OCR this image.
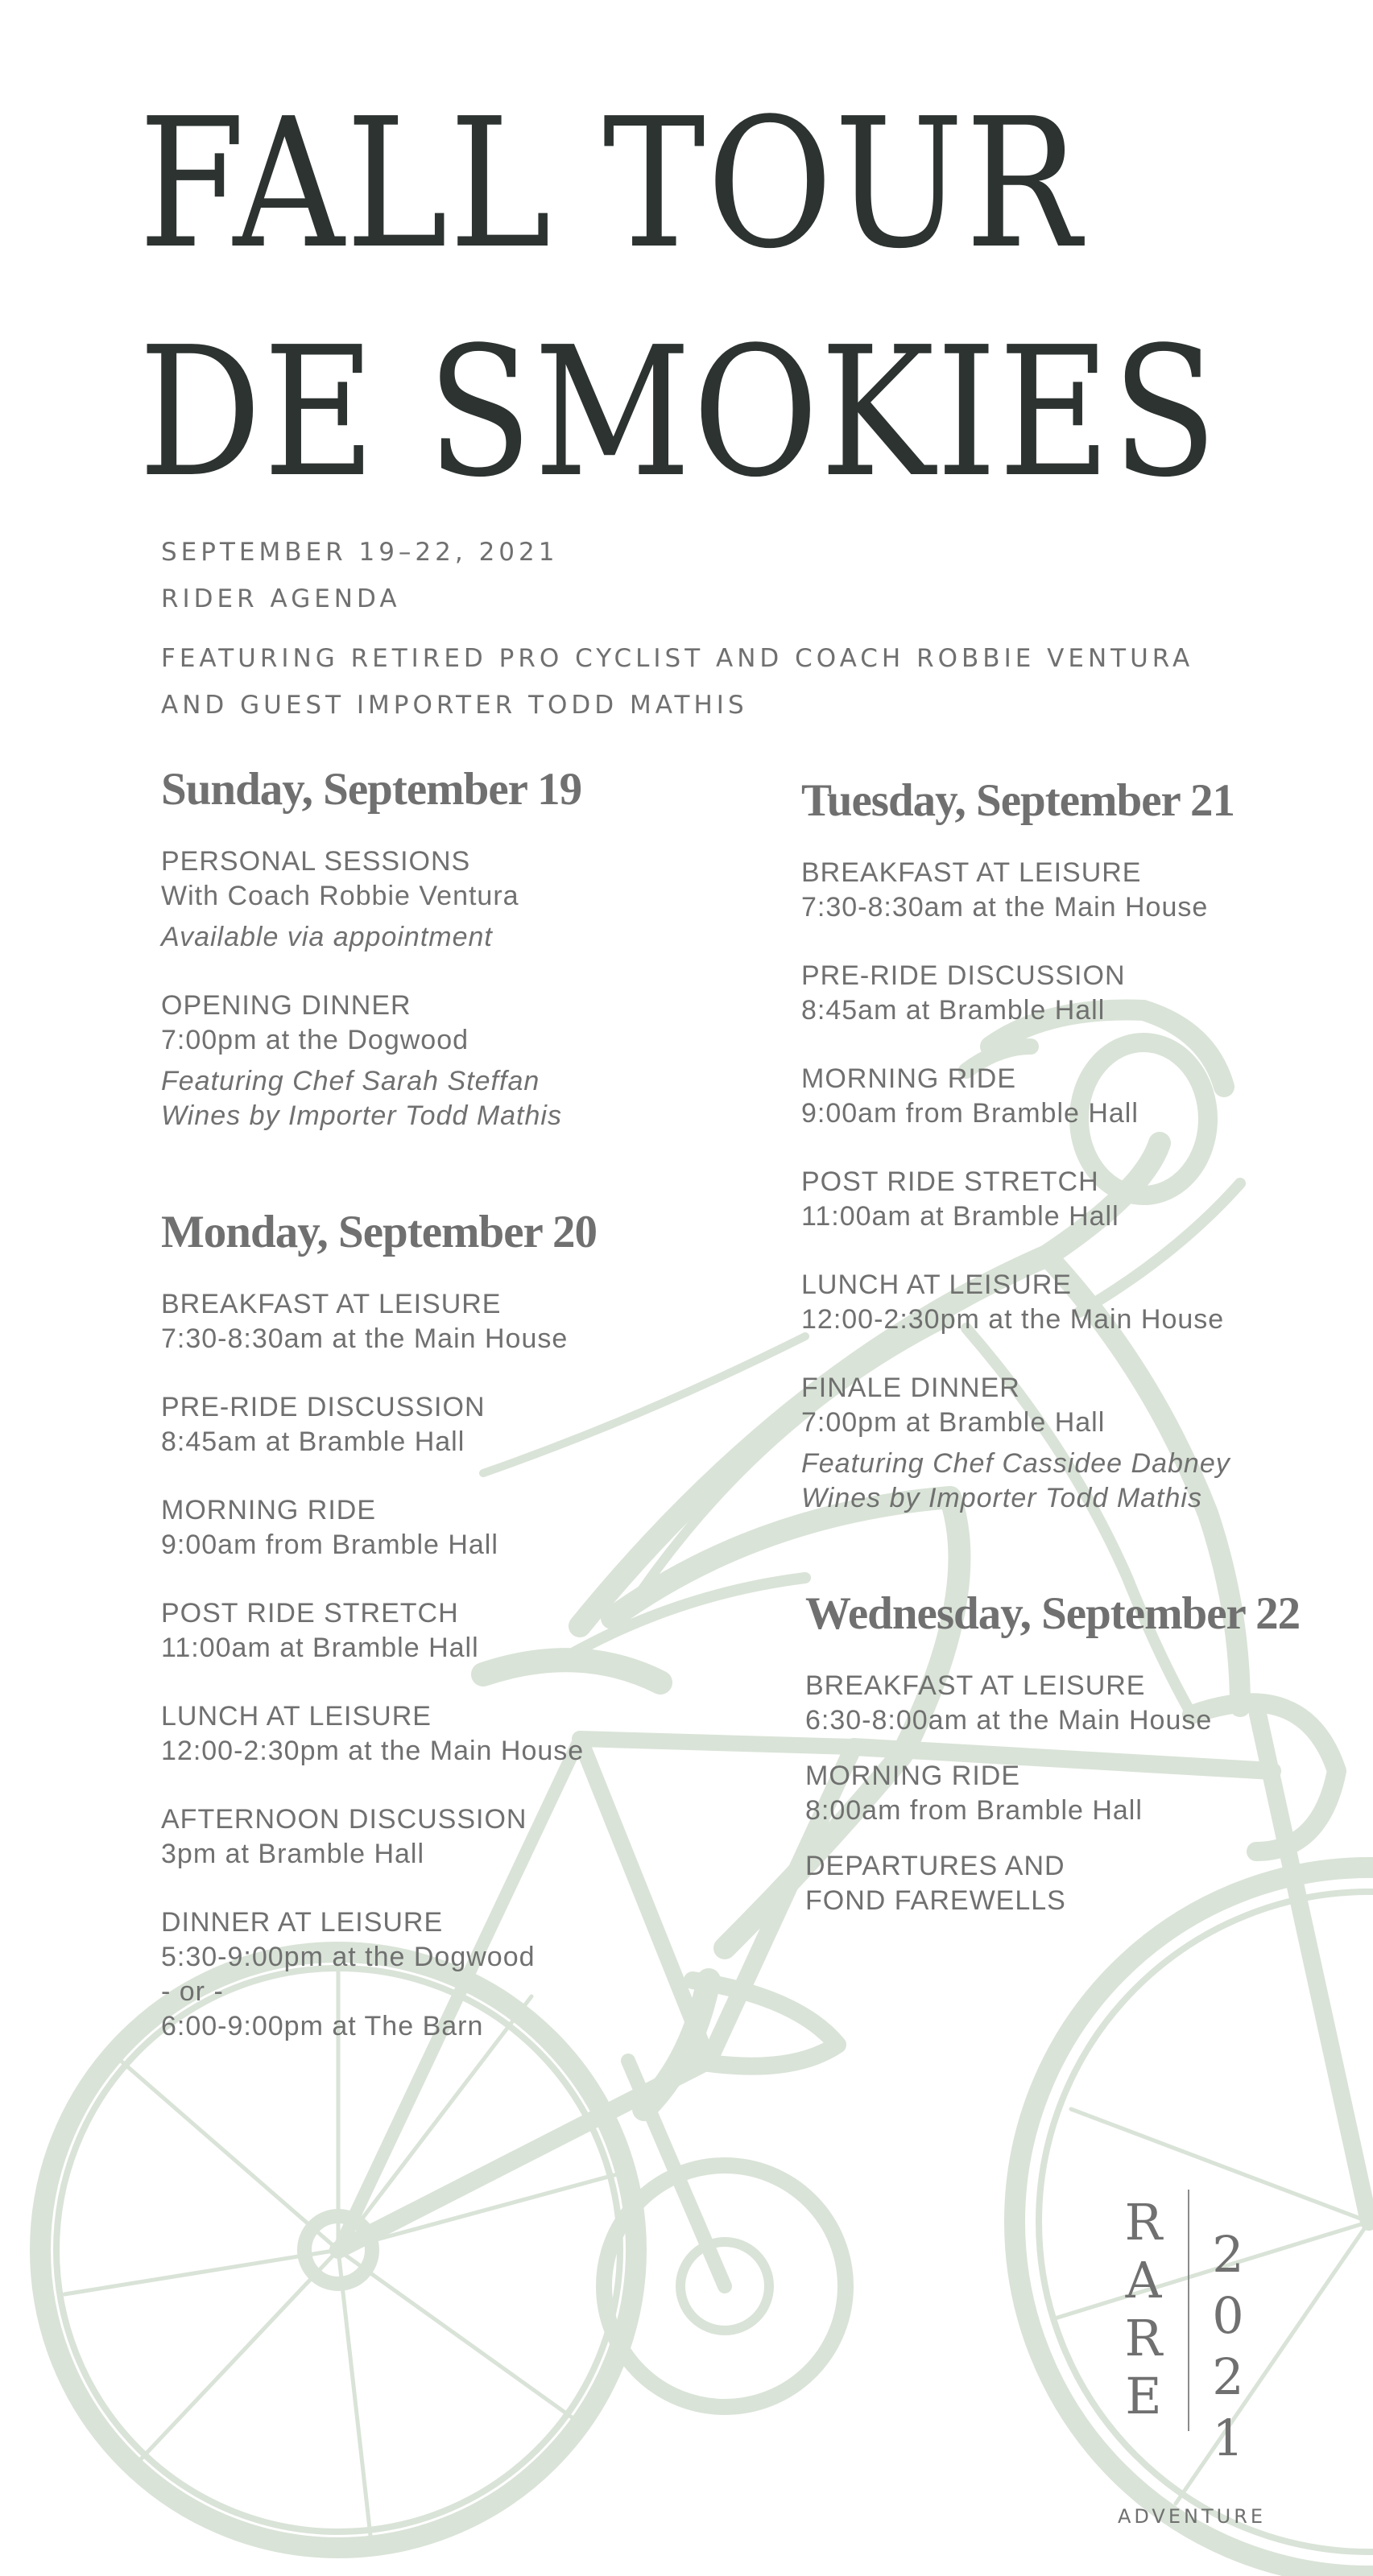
FALL TOUR
DE SMOKIES

SEPTEMBER 19–22, 2021

RIDER AGENDA

FEATURING RETIRED PRO CYCLIST AND COACH ROBBIE VENTURA

AND GUEST IMPORTER TODD MATHIS

Sunday, September 19
PERSONAL SESSIONS
With Coach Robbie Ventura
Available via appointment
OPENING DINNER
7:00pm at the Dogwood
Featuring Chef Sarah Steffan
Wines by Importer Todd Mathis
Monday, September 20
BREAKFAST AT LEISURE
7:30-8:30am at the Main House
PRE-RIDE DISCUSSION
8:45am at Bramble Hall
MORNING RIDE
9:00am from Bramble Hall
POST RIDE STRETCH
11:00am at Bramble Hall
LUNCH AT LEISURE
12:00-2:30pm at the Main House
AFTERNOON DISCUSSION
3pm at Bramble Hall
DINNER AT LEISURE
5:30-9:00pm at the Dogwood
- or -
6:00-9:00pm at The Barn
Tuesday, September 21
BREAKFAST AT LEISURE
7:30-8:30am at the Main House
PRE-RIDE DISCUSSION
8:45am at Bramble Hall
MORNING RIDE
9:00am from Bramble Hall
POST RIDE STRETCH
11:00am at Bramble Hall
LUNCH AT LEISURE
12:00-2:30pm at the Main House
FINALE DINNER
7:00pm at Bramble Hall
Featuring Chef Cassidee Dabney
Wines by Importer Todd Mathis
Wednesday, September 22
BREAKFAST AT LEISURE
6:30-8:00am at the Main House
MORNING RIDE
8:00am from Bramble Hall
DEPARTURES AND
FOND FAREWELLS
R
A
R
E
2
0
2
1
ADVENTURE
